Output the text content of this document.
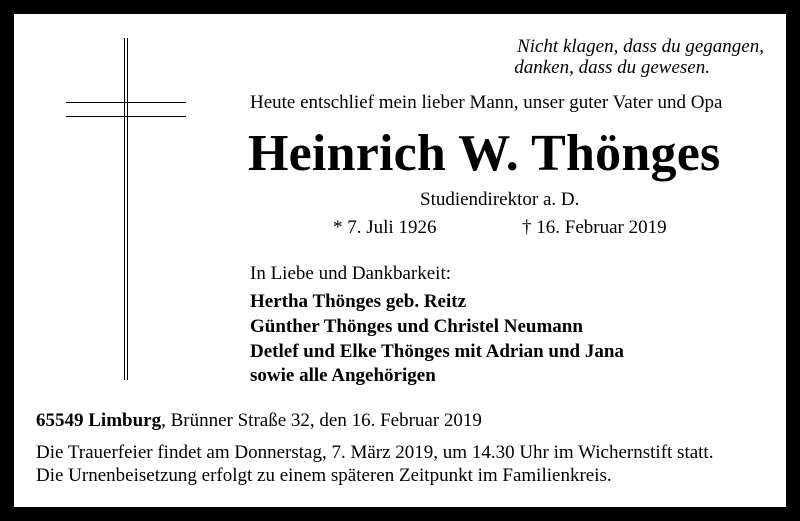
Nicht klagen, dass du gegangen,
danken, dass du gewesen.
Heute entschlief mein lieber Mann, unser guter Vater und Opa
Heinrich W. Thönges
Studiendirektor a. D.
* 7. Juli 1926	† 16. Februar 2019
In Liebe und Dankbarkeit:
Hertha Thönges geb. Reitz
Günther Thönges und Christel Neumann
Detlef und Elke Thönges mit Adrian und Jana
sowie alle Angehörigen
65549 Limburg, Brünner Straße 32, den 16. Februar 2019
Die Trauerfeier findet am Donnerstag, 7. März 2019, um 14.30 Uhr im Wichernstift statt.
Die Urnenbeisetzung erfolgt zu einem späteren Zeitpunkt im Familienkreis.
